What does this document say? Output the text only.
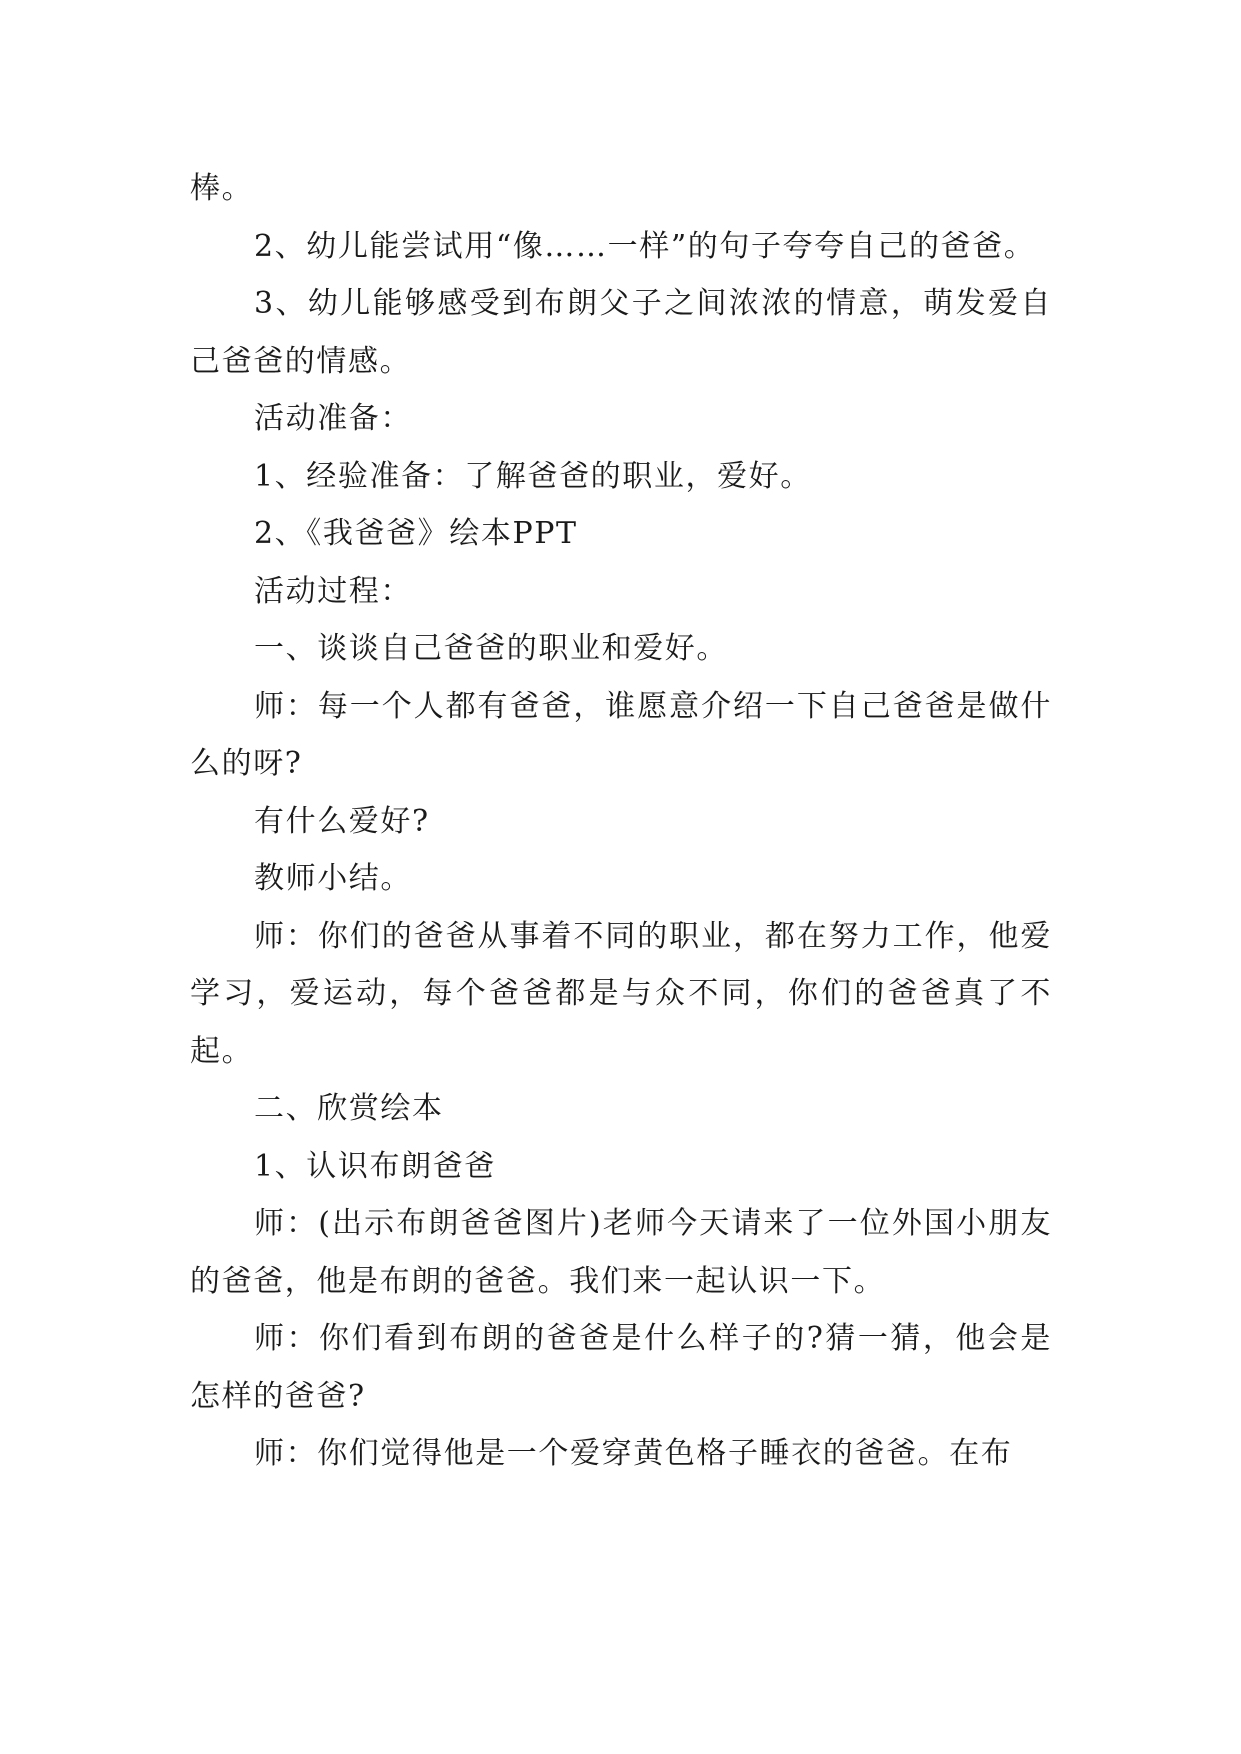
棒。

2、幼儿能尝试用“像……一样”的句子夸夸自己的爸爸。

3、幼儿能够感受到布朗父子之间浓浓的情意，萌发爱自己爸爸的情感。

活动准备：

1、经验准备：了解爸爸的职业，爱好。

2、《我爸爸》绘本PPT

活动过程：

一、谈谈自己爸爸的职业和爱好。

师：每一个人都有爸爸，谁愿意介绍一下自己爸爸是做什么的呀?

有什么爱好?

教师小结。

师：你们的爸爸从事着不同的职业，都在努力工作，他爱学习，爱运动，每个爸爸都是与众不同，你们的爸爸真了不起。

二、欣赏绘本

1、认识布朗爸爸

师：(出示布朗爸爸图片)老师今天请来了一位外国小朋友的爸爸，他是布朗的爸爸。我们来一起认识一下。

师：你们看到布朗的爸爸是什么样子的?猜一猜，他会是怎样的爸爸?

师：你们觉得他是一个爱穿黄色格子睡衣的爸爸。在布
